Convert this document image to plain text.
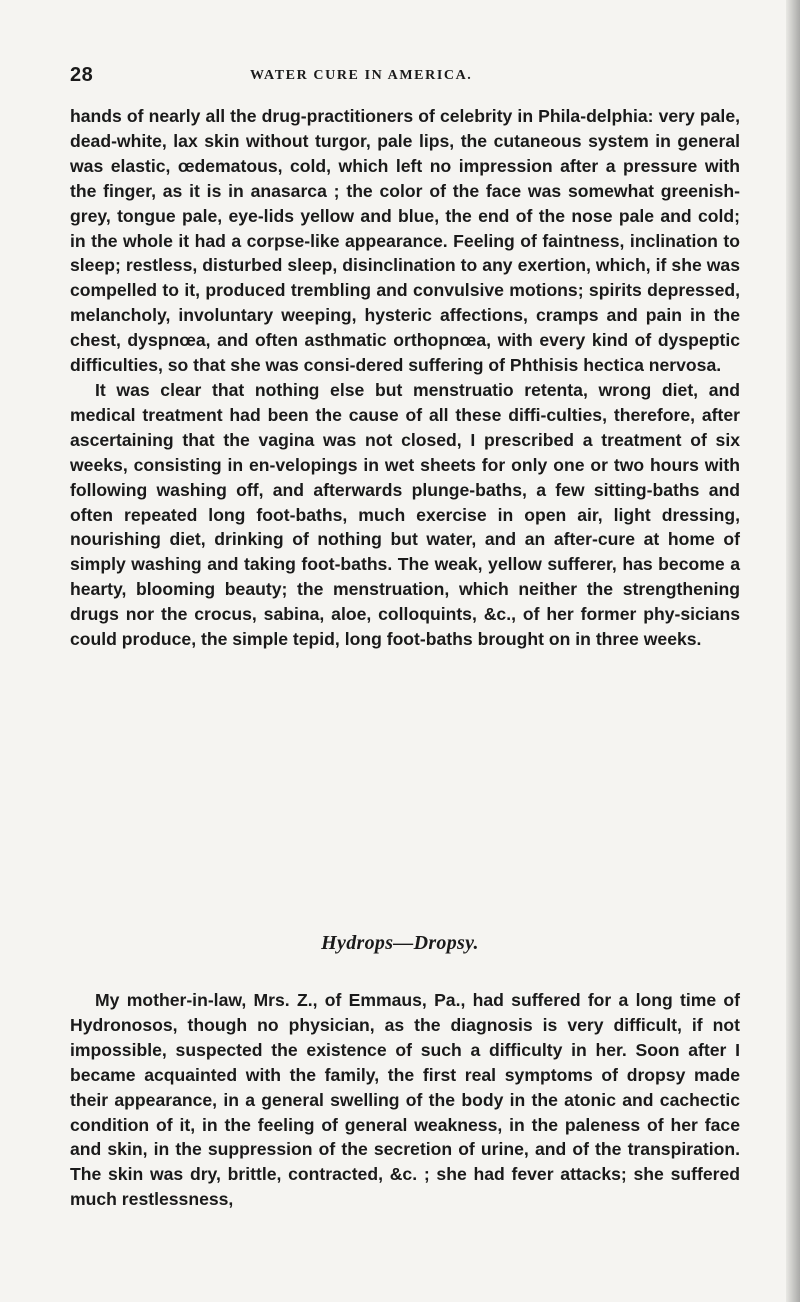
28	WATER CURE IN AMERICA.

hands of nearly all the drug-practitioners of celebrity in Phila-delphia: very pale, dead-white, lax skin without turgor, pale lips, the cutaneous system in general was elastic, œdematous, cold, which left no impression after a pressure with the finger, as it is in anasarca ; the color of the face was somewhat greenish-grey, tongue pale, eye-lids yellow and blue, the end of the nose pale and cold; in the whole it had a corpse-like appearance. Feeling of faintness, inclination to sleep; restless, disturbed sleep, disinclination to any exertion, which, if she was compelled to it, produced trembling and convulsive motions; spirits depressed, melancholy, involuntary weeping, hysteric affections, cramps and pain in the chest, dyspnœa, and often asthmatic orthopnœa, with every kind of dyspeptic difficulties, so that she was consi-dered suffering of Phthisis hectica nervosa.

It was clear that nothing else but menstruatio retenta, wrong diet, and medical treatment had been the cause of all these diffi-culties, therefore, after ascertaining that the vagina was not closed, I prescribed a treatment of six weeks, consisting in en-velopings in wet sheets for only one or two hours with following washing off, and afterwards plunge-baths, a few sitting-baths and often repeated long foot-baths, much exercise in open air, light dressing, nourishing diet, drinking of nothing but water, and an after-cure at home of simply washing and taking foot-baths. The weak, yellow sufferer, has become a hearty, blooming beauty; the menstruation, which neither the strengthening drugs nor the crocus, sabina, aloe, colloquints, &c., of her former phy-sicians could produce, the simple tepid, long foot-baths brought on in three weeks.

Hydrops—Dropsy.

My mother-in-law, Mrs. Z., of Emmaus, Pa., had suffered for a long time of Hydronosos, though no physician, as the diagnosis is very difficult, if not impossible, suspected the existence of such a difficulty in her. Soon after I became acquainted with the family, the first real symptoms of dropsy made their appearance, in a general swelling of the body in the atonic and cachectic condition of it, in the feeling of general weakness, in the paleness of her face and skin, in the suppression of the secretion of urine, and of the transpiration. The skin was dry, brittle, contracted, &c. ; she had fever attacks; she suffered much restlessness,
